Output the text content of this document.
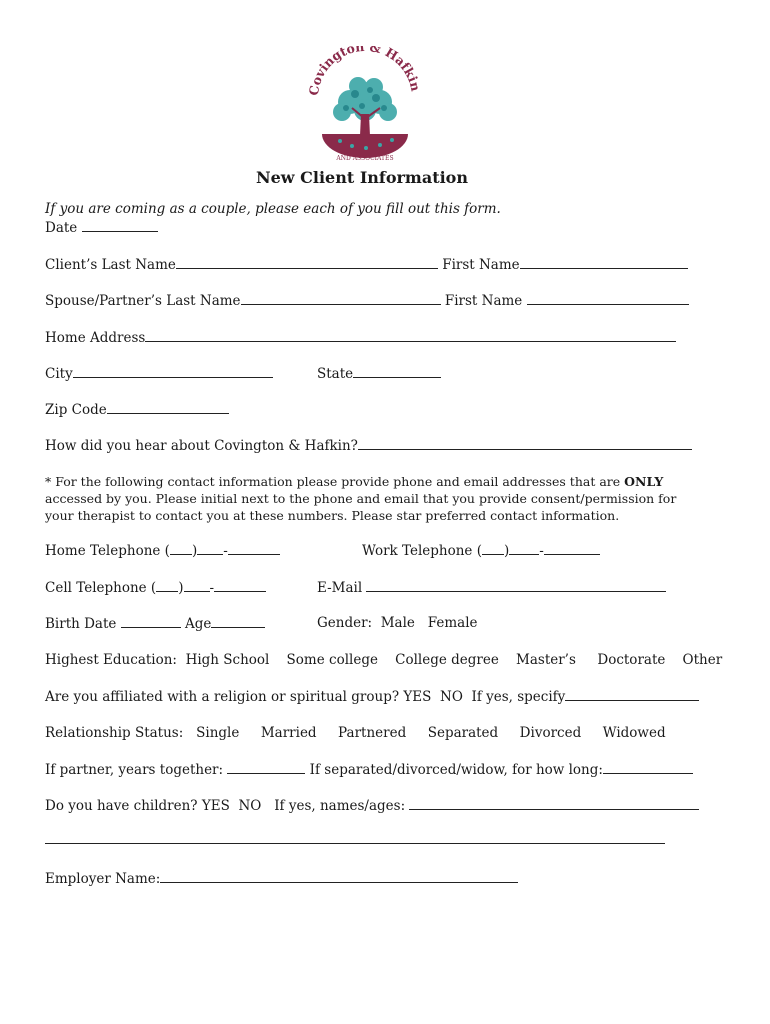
Covington & Hafkin
AND ASSOCIATES
New Client Information
If you are coming as a couple, please each of you fill out this form.
Date
Client’s Last Name	First Name
Spouse/Partner’s Last Name	First Name
Home Address
City	State
Zip Code
How did you hear about Covington & Hafkin?
* For the following contact information please provide phone and email addresses that are ONLY accessed by you. Please initial next to the phone and email that you provide consent/permission for your therapist to contact you at these numbers. Please star preferred contact information.
Home Telephone ( ) -	Work Telephone ( ) -
Cell Telephone ( ) -	E-Mail
Birth Date	Age	Gender: Male Female
Highest Education: High School Some college College degree Master’s Doctorate Other
Are you affiliated with a religion or spiritual group? YES NO If yes, specify
Relationship Status: Single Married Partnered Separated Divorced Widowed
If partner, years together:	If separated/divorced/widow, for how long:
Do you have children? YES NO If yes, names/ages:
Employer Name:
